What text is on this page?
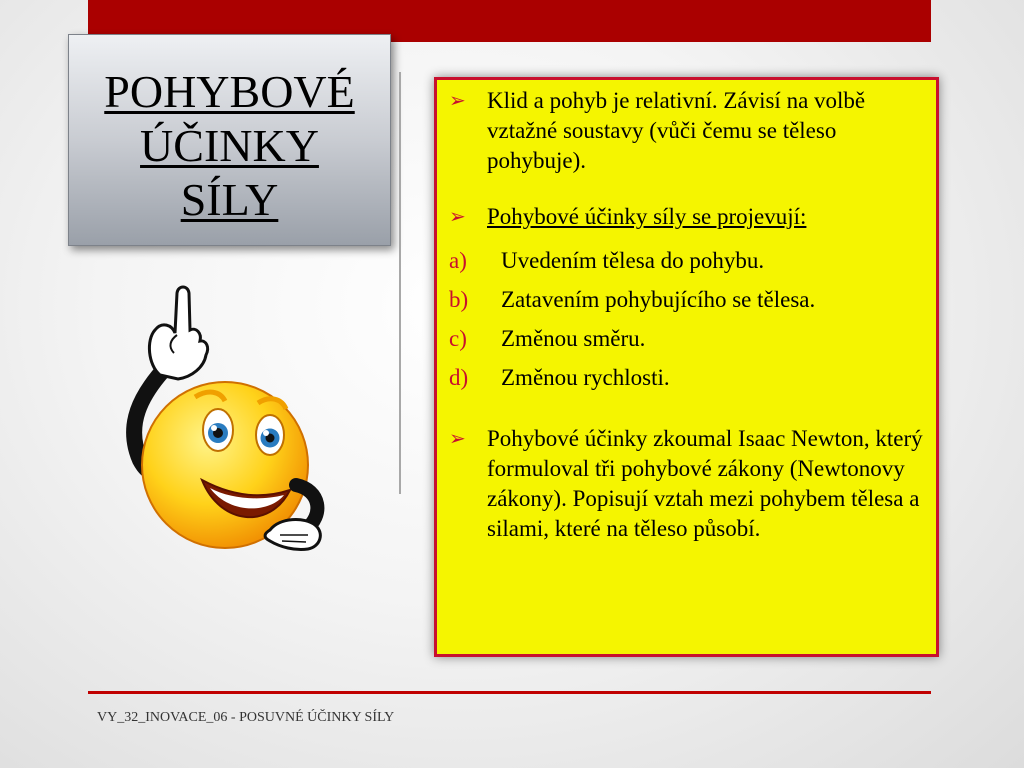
POHYBOVÉ
ÚČINKY
SÍLY
➢ Klid a pohyb je relativní. Závisí na volbě vztažné soustavy (vůči čemu se těleso pohybuje).
➢ Pohybové účinky síly se projevují:
a) Uvedením tělesa do pohybu.
b) Zatavením pohybujícího se tělesa.
c) Změnou směru.
d) Změnou rychlosti.
➢ Pohybové účinky zkoumal Isaac Newton, který formuloval tři pohybové zákony (Newtonovy zákony). Popisují vztah mezi pohybem tělesa a silami, které na těleso působí.
VY_32_INOVACE_06 - POSUVNÉ ÚČINKY SÍLY
